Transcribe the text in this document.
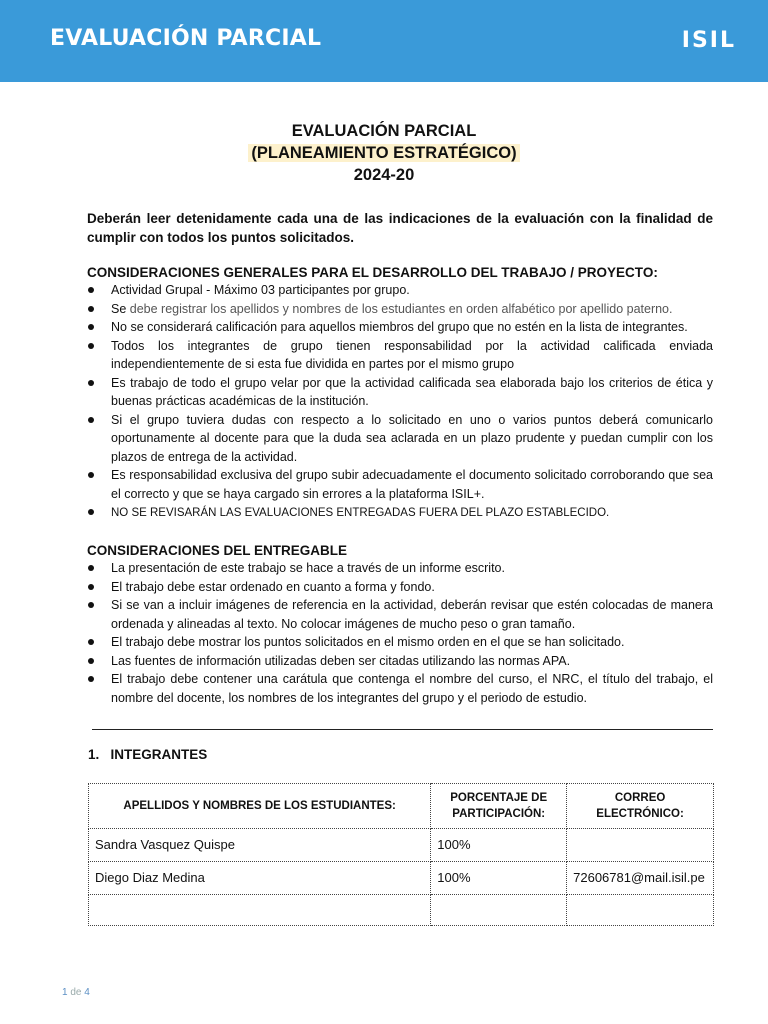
EVALUACIÓN PARCIAL	ISIL
EVALUACIÓN PARCIAL
(PLANEAMIENTO ESTRATÉGICO)
2024-20
Deberán leer detenidamente cada una de las indicaciones de la evaluación con la finalidad de cumplir con todos los puntos solicitados.
CONSIDERACIONES GENERALES PARA EL DESARROLLO DEL TRABAJO / PROYECTO:
Actividad Grupal - Máximo 03 participantes por grupo.
Se debe registrar los apellidos y nombres de los estudiantes en orden alfabético por apellido paterno.
No se considerará calificación para aquellos miembros del grupo que no estén en la lista de integrantes.
Todos los integrantes de grupo tienen responsabilidad por la actividad calificada enviada independientemente de si esta fue dividida en partes por el mismo grupo
Es trabajo de todo el grupo velar por que la actividad calificada sea elaborada bajo los criterios de ética y buenas prácticas académicas de la institución.
Si el grupo tuviera dudas con respecto a lo solicitado en uno o varios puntos deberá comunicarlo oportunamente al docente para que la duda sea aclarada en un plazo prudente y puedan cumplir con los plazos de entrega de la actividad.
Es responsabilidad exclusiva del grupo subir adecuadamente el documento solicitado corroborando que sea el correcto y que se haya cargado sin errores a la plataforma ISIL+.
NO SE REVISARÁN LAS EVALUACIONES ENTREGADAS FUERA DEL PLAZO ESTABLECIDO.
CONSIDERACIONES DEL ENTREGABLE
La presentación de este trabajo se hace a través de un informe escrito.
El trabajo debe estar ordenado en cuanto a forma y fondo.
Si se van a incluir imágenes de referencia en la actividad, deberán revisar que estén colocadas de manera ordenada y alineadas al texto. No colocar imágenes de mucho peso o gran tamaño.
El trabajo debe mostrar los puntos solicitados en el mismo orden en el que se han solicitado.
Las fuentes de información utilizadas deben ser citadas utilizando las normas APA.
El trabajo debe contener una carátula que contenga el nombre del curso, el NRC, el título del trabajo, el nombre del docente, los nombres de los integrantes del grupo y el periodo de estudio.
1.   INTEGRANTES
APELLIDOS Y NOMBRES DE LOS ESTUDIANTES:	PORCENTAJE DE PARTICIPACIÓN:	CORREO ELECTRÓNICO:
Sandra Vasquez Quispe	100%	
Diego Diaz Medina	100%	72606781@mail.isil.pe

1 de 4
